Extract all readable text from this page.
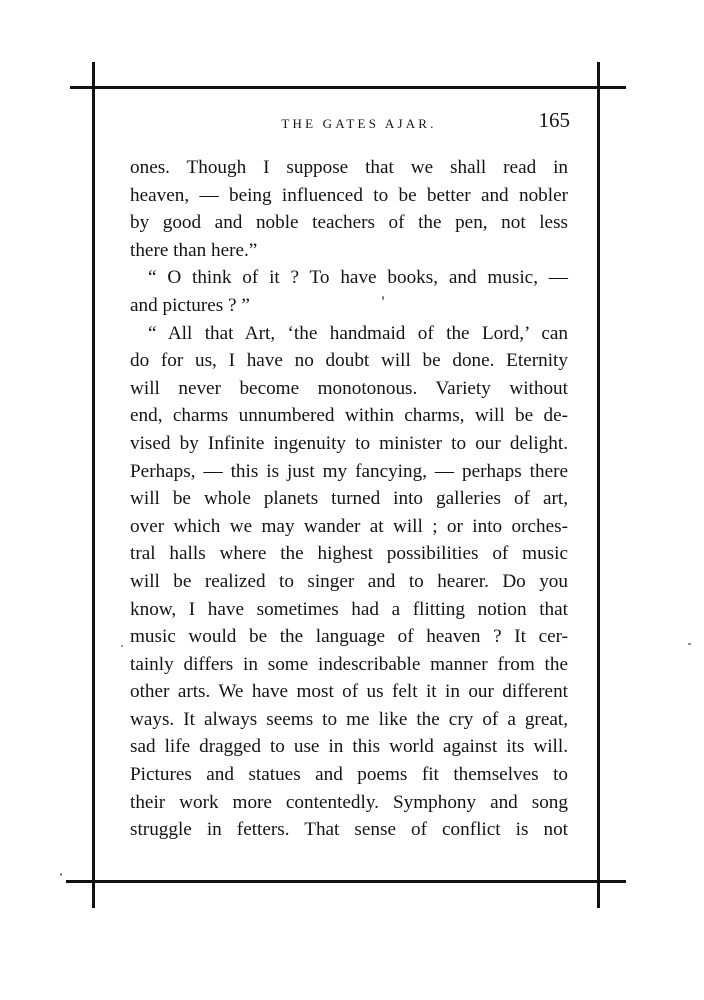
THE GATES AJAR.	165
ones. Though I suppose that we shall read in
heaven, — being influenced to be better and nobler
by good and noble teachers of the pen, not less
there than here.”
“ O think of it ? To have books, and music, —
and pictures ? ”
“ All that Art, ‘the handmaid of the Lord,’ can
do for us, I have no doubt will be done. Eternity
will never become monotonous. Variety without
end, charms unnumbered within charms, will be de-
vised by Infinite ingenuity to minister to our delight.
Perhaps, — this is just my fancying, — perhaps there
will be whole planets turned into galleries of art,
over which we may wander at will ; or into orches-
tral halls where the highest possibilities of music
will be realized to singer and to hearer. Do you
know, I have sometimes had a flitting notion that
music would be the language of heaven ? It cer-
tainly differs in some indescribable manner from the
other arts. We have most of us felt it in our different
ways. It always seems to me like the cry of a great,
sad life dragged to use in this world against its will.
Pictures and statues and poems fit themselves to
their work more contentedly. Symphony and song
struggle in fetters. That sense of conflict is not
